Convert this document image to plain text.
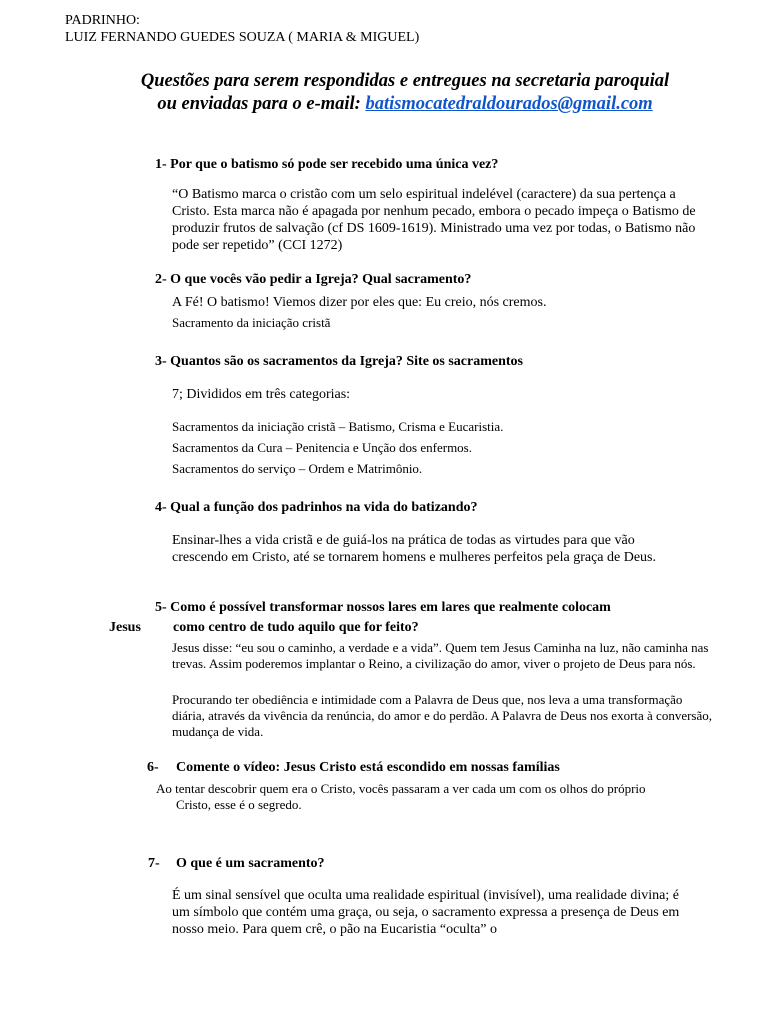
PADRINHO:
LUIZ FERNANDO GUEDES SOUZA ( MARIA & MIGUEL)
Questões para serem respondidas e entregues na secretaria paroquial
ou enviadas para o e-mail: batismocatedraldourados@gmail.com
1- Por que o batismo só pode ser recebido uma única vez?
“O Batismo marca o cristão com um selo espiritual indelével (caractere) da sua pertença a Cristo. Esta marca não é apagada por nenhum pecado, embora o pecado impeça o Batismo de produzir frutos de salvação (cf DS 1609-1619). Ministrado uma vez por todas, o Batismo não pode ser repetido” (CCI 1272)
2- O que vocês vão pedir a Igreja? Qual sacramento?
A Fé! O batismo! Viemos dizer por eles que: Eu creio, nós cremos.
Sacramento da iniciação cristã
3- Quantos são os sacramentos da Igreja? Site os sacramentos
7; Divididos em três categorias:
Sacramentos da iniciação cristã – Batismo, Crisma e Eucaristia.
Sacramentos da Cura – Penitencia e Unção dos enfermos.
Sacramentos do serviço – Ordem e Matrimônio.
4- Qual a função dos padrinhos na vida do batizando?
Ensinar-lhes a vida cristã e de guiá-los na prática de todas as virtudes para que vão crescendo em Cristo, até se tornarem homens e mulheres perfeitos pela graça de Deus.
5- Como é possível transformar nossos lares em lares que realmente colocam
Jesus como centro de tudo aquilo que for feito?
Jesus disse: “eu sou o caminho, a verdade e a vida”. Quem tem Jesus Caminha na luz, não caminha nas trevas. Assim poderemos implantar o Reino, a civilização do amor, viver o projeto de Deus para nós.
Procurando ter obediência e intimidade com a Palavra de Deus que, nos leva a uma transformação diária, através da vivência da renúncia, do amor e do perdão. A Palavra de Deus nos exorta à conversão, mudança de vida.
6- Comente o vídeo: Jesus Cristo está escondido em nossas famílias
Ao tentar descobrir quem era o Cristo, vocês passaram a ver cada um com os olhos do próprio Cristo, esse é o segredo.
7- O que é um sacramento?
É um sinal sensível que oculta uma realidade espiritual (invisível), uma realidade divina; é um símbolo que contém uma graça, ou seja, o sacramento expressa a presença de Deus em nosso meio. Para quem crê, o pão na Eucaristia “oculta” o
